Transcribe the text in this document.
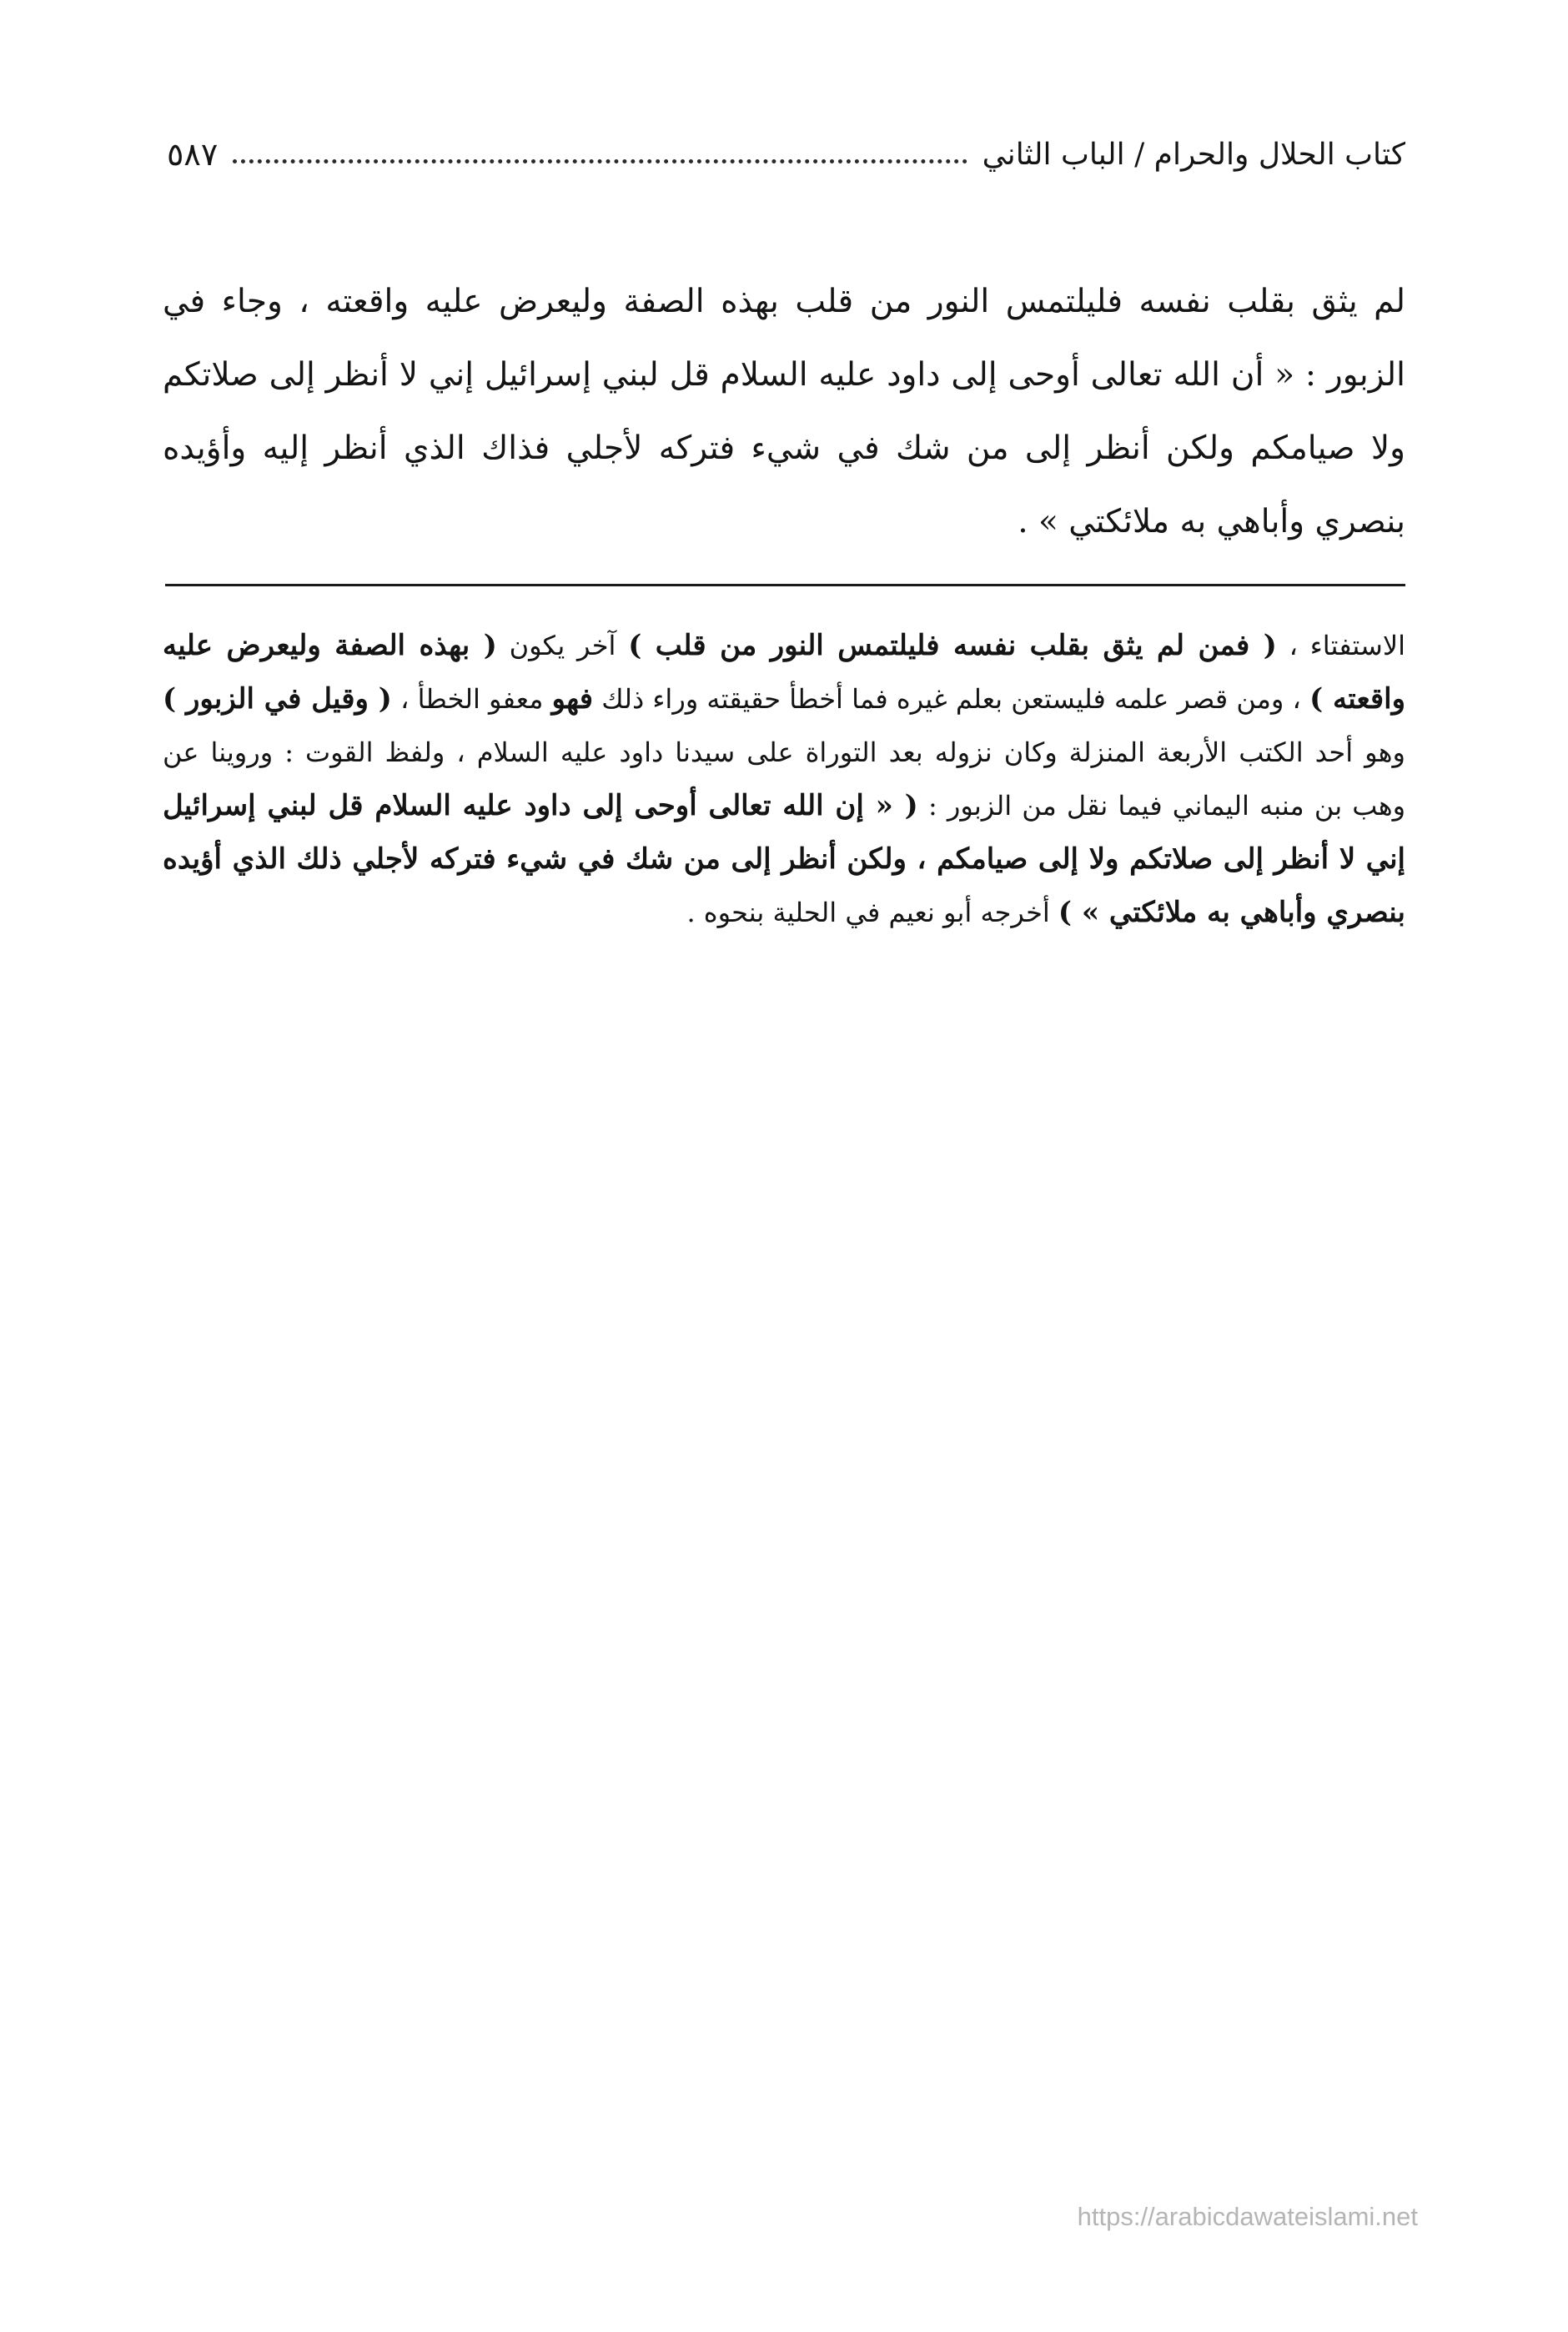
كتاب الحلال والحرام / الباب الثاني
٥٨٧
لم يثق بقلب نفسه فليلتمس النور من قلب بهذه الصفة وليعرض عليه واقعته ، وجاء في الزبور : « أن الله تعالى أوحى إلى داود عليه السلام قل لبني إسرائيل إني لا أنظر إلى صلاتكم ولا صيامكم ولكن أنظر إلى من شك في شيء فتركه لأجلي فذاك الذي أنظر إليه وأؤيده بنصري وأباهي به ملائكتي » .
الاستفتاء ، ( فمن لم يثق بقلب نفسه فليلتمس النور من قلب ) آخر يكون ( بهذه الصفة وليعرض عليه واقعته ) ، ومن قصر علمه فليستعن بعلم غيره فما أخطأ حقيقته وراء ذلك فهو معفو الخطأ ، ( وقيل في الزبور ) وهو أحد الكتب الأربعة المنزلة وكان نزوله بعد التوراة على سيدنا داود عليه السلام ، ولفظ القوت : وروينا عن وهب بن منبه اليماني فيما نقل من الزبور : ( « إن الله تعالى أوحى إلى داود عليه السلام قل لبني إسرائيل إني لا أنظر إلى صلاتكم ولا إلى صيامكم ، ولكن أنظر إلى من شك في شيء فتركه لأجلي ذلك الذي أؤيده بنصري وأباهي به ملائكتي » ) أخرجه أبو نعيم في الحلية بنحوه .
https://arabicdawateislami.net
